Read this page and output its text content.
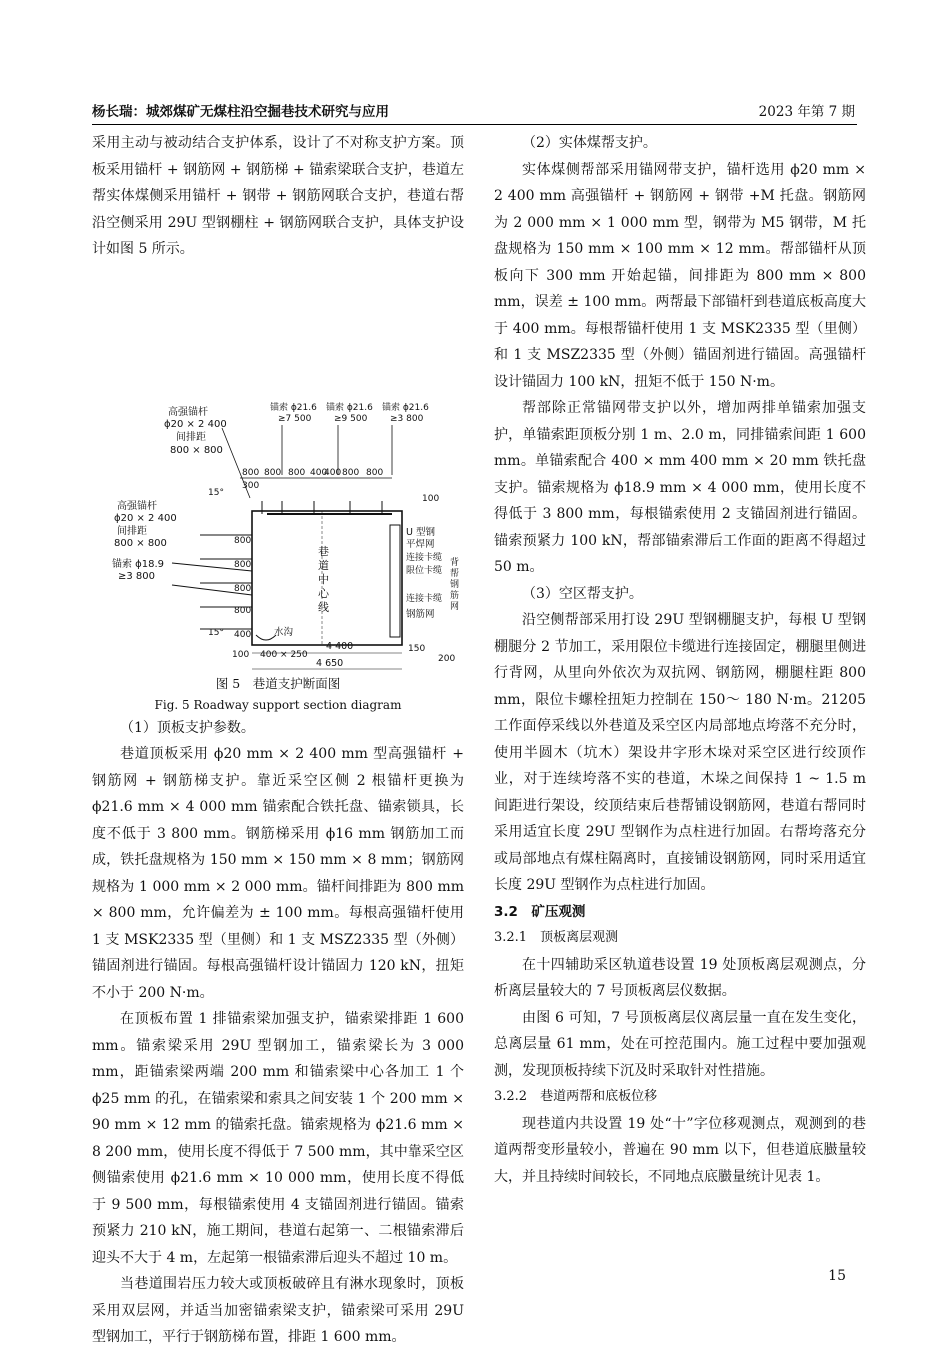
杨长瑞：城郊煤矿无煤柱沿空掘巷技术研究与应用	2023 年第 7 期

采用主动与被动结合支护体系，设计了不对称支护方案。顶板采用锚杆 + 钢筋网 + 钢筋梯 + 锚索梁联合支护，巷道左帮实体煤侧采用锚杆 + 钢带 + 钢筋网联合支护，巷道右帮沿空侧采用 29U 型钢棚柱 + 钢筋网联合支护，具体支护设计如图 5 所示。

高强锚杆
ϕ20 × 2 400
间排距
800 × 800
锚索 ϕ21.6
≥7 500
锚索 ϕ21.6
≥9 500
锚索 ϕ21.6
≥3 800
800 800 800 400
400 800 800
巷
道
中
心
线
高强锚杆
ϕ20 × 2 400
间排距
800 × 800
锚索 ϕ18.9
≥3 800
15°
15°
300
800
800
800
800
400
U 型钢
平焊网
连接卡缆
限位卡缆
连接卡缆
钢筋网
背
帮
钢
筋
网
100
水沟
400 × 250
100
4 400
4 650
150
200
图 5　巷道支护断面图
Fig. 5 Roadway support section diagram

（1）顶板支护参数。

巷道顶板采用 ϕ20 mm × 2 400 mm 型高强锚杆 + 钢筋网 + 钢筋梯支护。靠近采空区侧 2 根锚杆更换为 ϕ21.6 mm × 4 000 mm 锚索配合铁托盘、锚索锁具，长度不低于 3 800 mm。钢筋梯采用 ϕ16 mm 钢筋加工而成，铁托盘规格为 150 mm × 150 mm × 8 mm；钢筋网规格为 1 000 mm × 2 000 mm。锚杆间排距为 800 mm × 800 mm，允许偏差为 ± 100 mm。每根高强锚杆使用 1 支 MSK2335 型（里侧）和 1 支 MSZ2335 型（外侧）锚固剂进行锚固。每根高强锚杆设计锚固力 120 kN，扭矩不小于 200 N·m。

在顶板布置 1 排锚索梁加强支护，锚索梁排距 1 600 mm。锚索梁采用 29U 型钢加工，锚索梁长为 3 000 mm，距锚索梁两端 200 mm 和锚索梁中心各加工 1 个 ϕ25 mm 的孔，在锚索梁和索具之间安装 1 个 200 mm × 90 mm × 12 mm 的锚索托盘。锚索规格为 ϕ21.6 mm × 8 200 mm，使用长度不得低于 7 500 mm，其中靠采空区侧锚索使用 ϕ21.6 mm × 10 000 mm，使用长度不得低于 9 500 mm，每根锚索使用 4 支锚固剂进行锚固。锚索预紧力 210 kN，施工期间，巷道右起第一、二根锚索滞后迎头不大于 4 m，左起第一根锚索滞后迎头不超过 10 m。

当巷道围岩压力较大或顶板破碎且有淋水现象时，顶板采用双层网，并适当加密锚索梁支护，锚索梁可采用 29U 型钢加工，平行于钢筋梯布置，排距 1 600 mm。

（2）实体煤帮支护。

实体煤侧帮部采用锚网带支护，锚杆选用 ϕ20 mm × 2 400 mm 高强锚杆 + 钢筋网 + 钢带 +M 托盘。钢筋网为 2 000 mm × 1 000 mm 型，钢带为 M5 钢带，M 托盘规格为 150 mm × 100 mm × 12 mm。帮部锚杆从顶板向下 300 mm 开始起锚，间排距为 800 mm × 800 mm，误差 ± 100 mm。两帮最下部锚杆到巷道底板高度大于 400 mm。每根帮锚杆使用 1 支 MSK2335 型（里侧）和 1 支 MSZ2335 型（外侧）锚固剂进行锚固。高强锚杆设计锚固力 100 kN，扭矩不低于 150 N·m。

帮部除正常锚网带支护以外，增加两排单锚索加强支护，单锚索距顶板分别 1 m、2.0 m，同排锚索间距 1 600 mm。单锚索配合 400 × mm 400 mm × 20 mm 铁托盘支护。锚索规格为 ϕ18.9 mm × 4 000 mm，使用长度不得低于 3 800 mm，每根锚索使用 2 支锚固剂进行锚固。锚索预紧力 100 kN，帮部锚索滞后工作面的距离不得超过 50 m。

（3）空区帮支护。

沿空侧帮部采用打设 29U 型钢棚腿支护，每根 U 型钢棚腿分 2 节加工，采用限位卡缆进行连接固定，棚腿里侧进行背网，从里向外依次为双抗网、钢筋网，棚腿柱距 800 mm，限位卡螺栓扭矩力控制在 150～ 180 N·m。21205 工作面停采线以外巷道及采空区内局部地点垮落不充分时，使用半圆木（坑木）架设井字形木垛对采空区进行绞顶作业，对于连续垮落不实的巷道，木垛之间保持 1 ~ 1.5 m 间距进行架设，绞顶结束后巷帮铺设钢筋网，巷道右帮同时采用适宜长度 29U 型钢作为点柱进行加固。右帮垮落充分或局部地点有煤柱隔离时，直接铺设钢筋网，同时采用适宜长度 29U 型钢作为点柱进行加固。

3.2　矿压观测

3.2.1　顶板离层观测

在十四辅助采区轨道巷设置 19 处顶板离层观测点，分析离层量较大的 7 号顶板离层仪数据。

由图 6 可知，7 号顶板离层仪离层量一直在发生变化，总离层量 61 mm，处在可控范围内。施工过程中要加强观测，发现顶板持续下沉及时采取针对性措施。

3.2.2　巷道两帮和底板位移

现巷道内共设置 19 处“十”字位移观测点，观测到的巷道两帮变形量较小，普遍在 90 mm 以下，但巷道底臌量较大，并且持续时间较长，不同地点底臌量统计见表 1。

15
